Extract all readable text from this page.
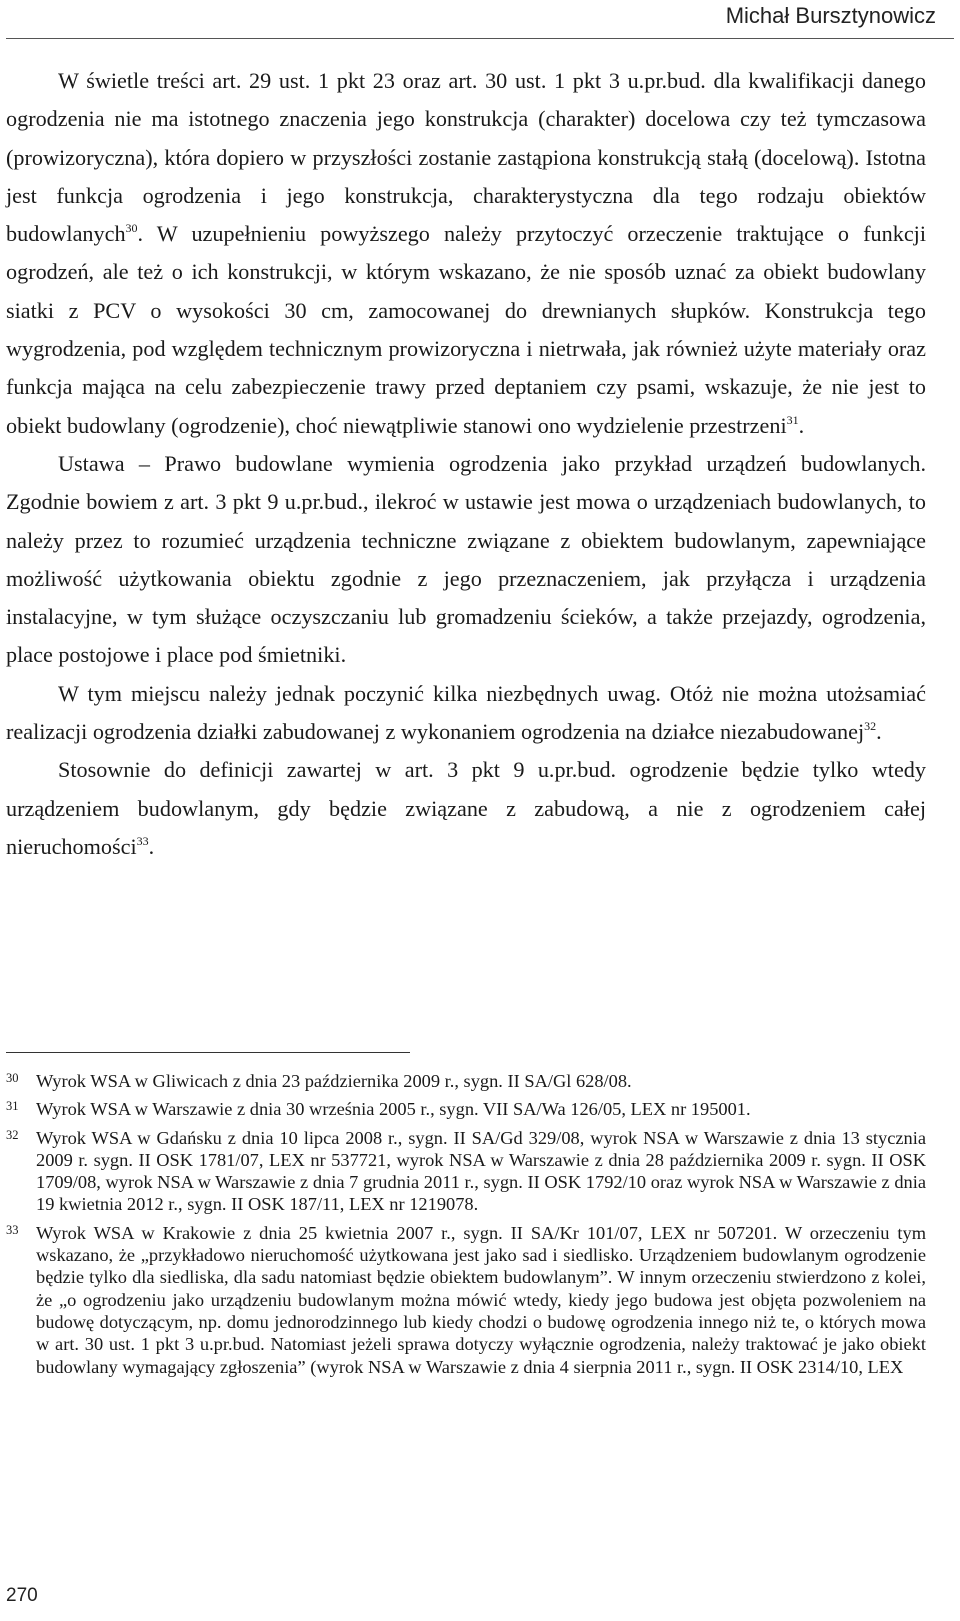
Michał Bursztynowicz

W świetle treści art. 29 ust. 1 pkt 23 oraz art. 30 ust. 1 pkt 3 u.pr.bud. dla kwalifikacji danego ogrodzenia nie ma istotnego znaczenia jego konstrukcja (charakter) docelowa czy też tymczasowa (prowizoryczna), która dopiero w przyszłości zostanie zastąpiona konstrukcją stałą (docelową). Istotna jest funkcja ogrodzenia i jego konstrukcja, charakterystyczna dla tego rodzaju obiektów budowlanych$^{30}$. W uzupełnieniu powyższego należy przytoczyć orzeczenie traktujące o funkcji ogrodzeń, ale też o ich konstrukcji, w którym wskazano, że nie sposób uznać za obiekt budowlany siatki z PCV o wysokości 30 cm, zamocowanej do drewnianych słupków. Konstrukcja tego wygrodzenia, pod względem technicznym prowizoryczna i nietrwała, jak również użyte materiały oraz funkcja mająca na celu zabezpieczenie trawy przed deptaniem czy psami, wskazuje, że nie jest to obiekt budowlany (ogrodzenie), choć niewątpliwie stanowi ono wydzielenie przestrzeni$^{31}$.

Ustawa – Prawo budowlane wymienia ogrodzenia jako przykład urządzeń budowlanych. Zgodnie bowiem z art. 3 pkt 9 u.pr.bud., ilekroć w ustawie jest mowa o urządzeniach budowlanych, to należy przez to rozumieć urządzenia techniczne związane z obiektem budowlanym, zapewniające możliwość użytkowania obiektu zgodnie z jego przeznaczeniem, jak przyłącza i urządzenia instalacyjne, w tym służące oczyszczaniu lub gromadzeniu ścieków, a także przejazdy, ogrodzenia, place postojowe i place pod śmietniki.

W tym miejscu należy jednak poczynić kilka niezbędnych uwag. Otóż nie można utożsamiać realizacji ogrodzenia działki zabudowanej z wykonaniem ogrodzenia na działce niezabudowanej$^{32}$.

Stosownie do definicji zawartej w art. 3 pkt 9 u.pr.bud. ogrodzenie będzie tylko wtedy urządzeniem budowlanym, gdy będzie związane z zabudową, a nie z ogrodzeniem całej nieruchomości$^{33}$.

30 Wyrok WSA w Gliwicach z dnia 23 października 2009 r., sygn. II SA/Gl 628/08.
31 Wyrok WSA w Warszawie z dnia 30 września 2005 r., sygn. VII SA/Wa 126/05, LEX nr 195001.
32 Wyrok WSA w Gdańsku z dnia 10 lipca 2008 r., sygn. II SA/Gd 329/08, wyrok NSA w Warszawie z dnia 13 stycznia 2009 r. sygn. II OSK 1781/07, LEX nr 537721, wyrok NSA w Warszawie z dnia 28 października 2009 r. sygn. II OSK 1709/08, wyrok NSA w Warszawie z dnia 7 grudnia 2011 r., sygn. II OSK 1792/10 oraz wyrok NSA w Warszawie z dnia 19 kwietnia 2012 r., sygn. II OSK 187/11, LEX nr 1219078.
33 Wyrok WSA w Krakowie z dnia 25 kwietnia 2007 r., sygn. II SA/Kr 101/07, LEX nr 507201. W orzeczeniu tym wskazano, że „przykładowo nieruchomość użytkowana jest jako sad i siedlisko. Urządzeniem budowlanym ogrodzenie będzie tylko dla siedliska, dla sadu natomiast będzie obiektem budowlanym”. W innym orzeczeniu stwierdzono z kolei, że „o ogrodzeniu jako urządzeniu budowlanym można mówić wtedy, kiedy jego budowa jest objęta pozwoleniem na budowę dotyczącym, np. domu jednorodzinnego lub kiedy chodzi o budowę ogrodzenia innego niż te, o których mowa w art. 30 ust. 1 pkt 3 u.pr.bud. Natomiast jeżeli sprawa dotyczy wyłącznie ogrodzenia, należy traktować je jako obiekt budowlany wymagający zgłoszenia” (wyrok NSA w Warszawie z dnia 4 sierpnia 2011 r., sygn. II OSK 2314/10, LEX
270
